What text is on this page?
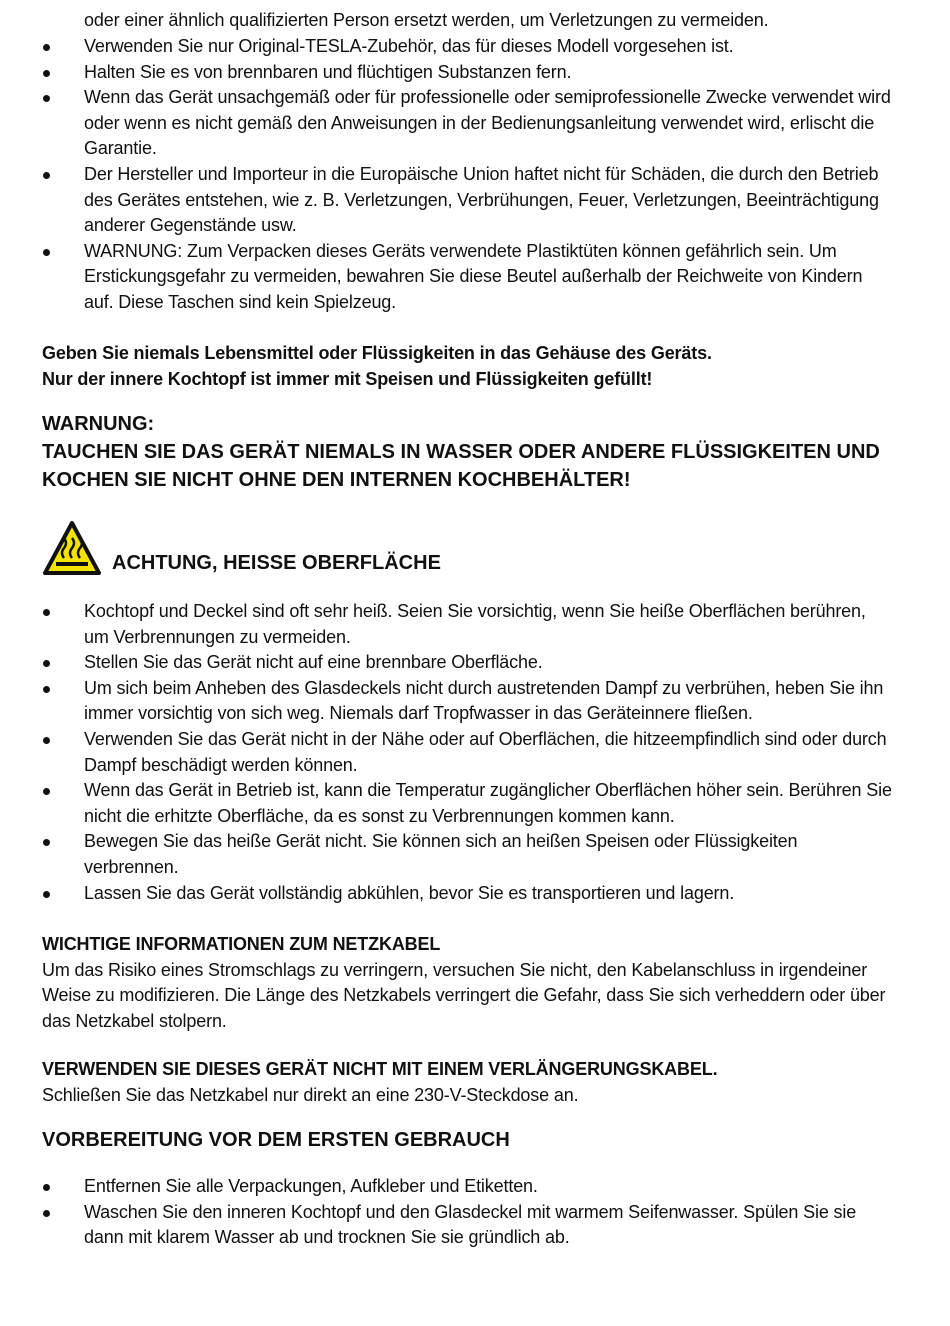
oder einer ähnlich qualifizierten Person ersetzt werden, um Verletzungen zu vermeiden.
Verwenden Sie nur Original-TESLA-Zubehör, das für dieses Modell vorgesehen ist.
Halten Sie es von brennbaren und flüchtigen Substanzen fern.
Wenn das Gerät unsachgemäß oder für professionelle oder semiprofessionelle Zwecke verwendet wird oder wenn es nicht gemäß den Anweisungen in der Bedienungsanleitung verwendet wird, erlischt die Garantie.
Der Hersteller und Importeur in die Europäische Union haftet nicht für Schäden, die durch den Betrieb des Gerätes entstehen, wie z. B. Verletzungen, Verbrühungen, Feuer, Verletzungen, Beeinträchtigung anderer Gegenstände usw.
WARNUNG: Zum Verpacken dieses Geräts verwendete Plastiktüten können gefährlich sein. Um Erstickungsgefahr zu vermeiden, bewahren Sie diese Beutel außerhalb der Reichweite von Kindern auf. Diese Taschen sind kein Spielzeug.
Geben Sie niemals Lebensmittel oder Flüssigkeiten in das Gehäuse des Geräts.
Nur der innere Kochtopf ist immer mit Speisen und Flüssigkeiten gefüllt!
WARNUNG:
TAUCHEN SIE DAS GERÄT NIEMALS IN WASSER ODER ANDERE FLÜSSIGKEITEN UND
KOCHEN SIE NICHT OHNE DEN INTERNEN KOCHBEHÄLTER!
ACHTUNG, HEISSE OBERFLÄCHE
Kochtopf und Deckel sind oft sehr heiß. Seien Sie vorsichtig, wenn Sie heiße Oberflächen berühren, um Verbrennungen zu vermeiden.
Stellen Sie das Gerät nicht auf eine brennbare Oberfläche.
Um sich beim Anheben des Glasdeckels nicht durch austretenden Dampf zu verbrühen, heben Sie ihn immer vorsichtig von sich weg. Niemals darf Tropfwasser in das Geräteinnere fließen.
Verwenden Sie das Gerät nicht in der Nähe oder auf Oberflächen, die hitzeempfindlich sind oder durch Dampf beschädigt werden können.
Wenn das Gerät in Betrieb ist, kann die Temperatur zugänglicher Oberflächen höher sein. Berühren Sie nicht die erhitzte Oberfläche, da es sonst zu Verbrennungen kommen kann.
Bewegen Sie das heiße Gerät nicht. Sie können sich an heißen Speisen oder Flüssigkeiten verbrennen.
Lassen Sie das Gerät vollständig abkühlen, bevor Sie es transportieren und lagern.
WICHTIGE INFORMATIONEN ZUM NETZKABEL
Um das Risiko eines Stromschlags zu verringern, versuchen Sie nicht, den Kabelanschluss in irgendeiner Weise zu modifizieren. Die Länge des Netzkabels verringert die Gefahr, dass Sie sich verheddern oder über das Netzkabel stolpern.
VERWENDEN SIE DIESES GERÄT NICHT MIT EINEM VERLÄNGERUNGSKABEL.
Schließen Sie das Netzkabel nur direkt an eine 230-V-Steckdose an.
VORBEREITUNG VOR DEM ERSTEN GEBRAUCH
Entfernen Sie alle Verpackungen, Aufkleber und Etiketten.
Waschen Sie den inneren Kochtopf und den Glasdeckel mit warmem Seifenwasser. Spülen Sie sie dann mit klarem Wasser ab und trocknen Sie sie gründlich ab.
